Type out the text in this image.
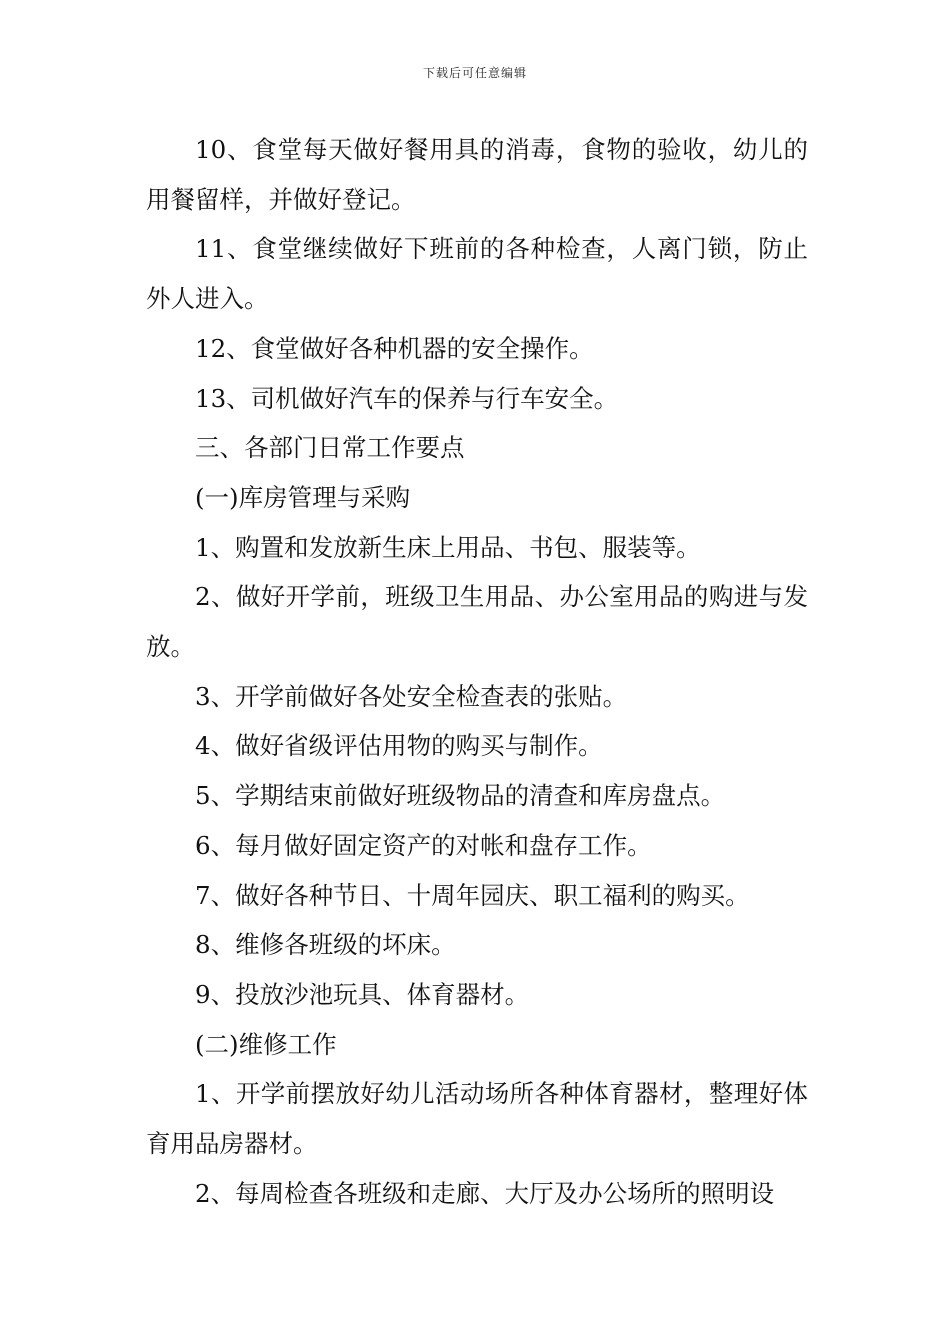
下载后可任意编辑

10、食堂每天做好餐用具的消毒，食物的验收，幼儿的用餐留样，并做好登记。

11、食堂继续做好下班前的各种检查，人离门锁，防止外人进入。

12、食堂做好各种机器的安全操作。

13、司机做好汽车的保养与行车安全。

三、各部门日常工作要点

(一)库房管理与采购

1、购置和发放新生床上用品、书包、服装等。

2、做好开学前，班级卫生用品、办公室用品的购进与发放。

3、开学前做好各处安全检查表的张贴。

4、做好省级评估用物的购买与制作。

5、学期结束前做好班级物品的清查和库房盘点。

6、每月做好固定资产的对帐和盘存工作。

7、做好各种节日、十周年园庆、职工福利的购买。

8、维修各班级的坏床。

9、投放沙池玩具、体育器材。

(二)维修工作

1、开学前摆放好幼儿活动场所各种体育器材，整理好体育用品房器材。

2、每周检查各班级和走廊、大厅及办公场所的照明设
